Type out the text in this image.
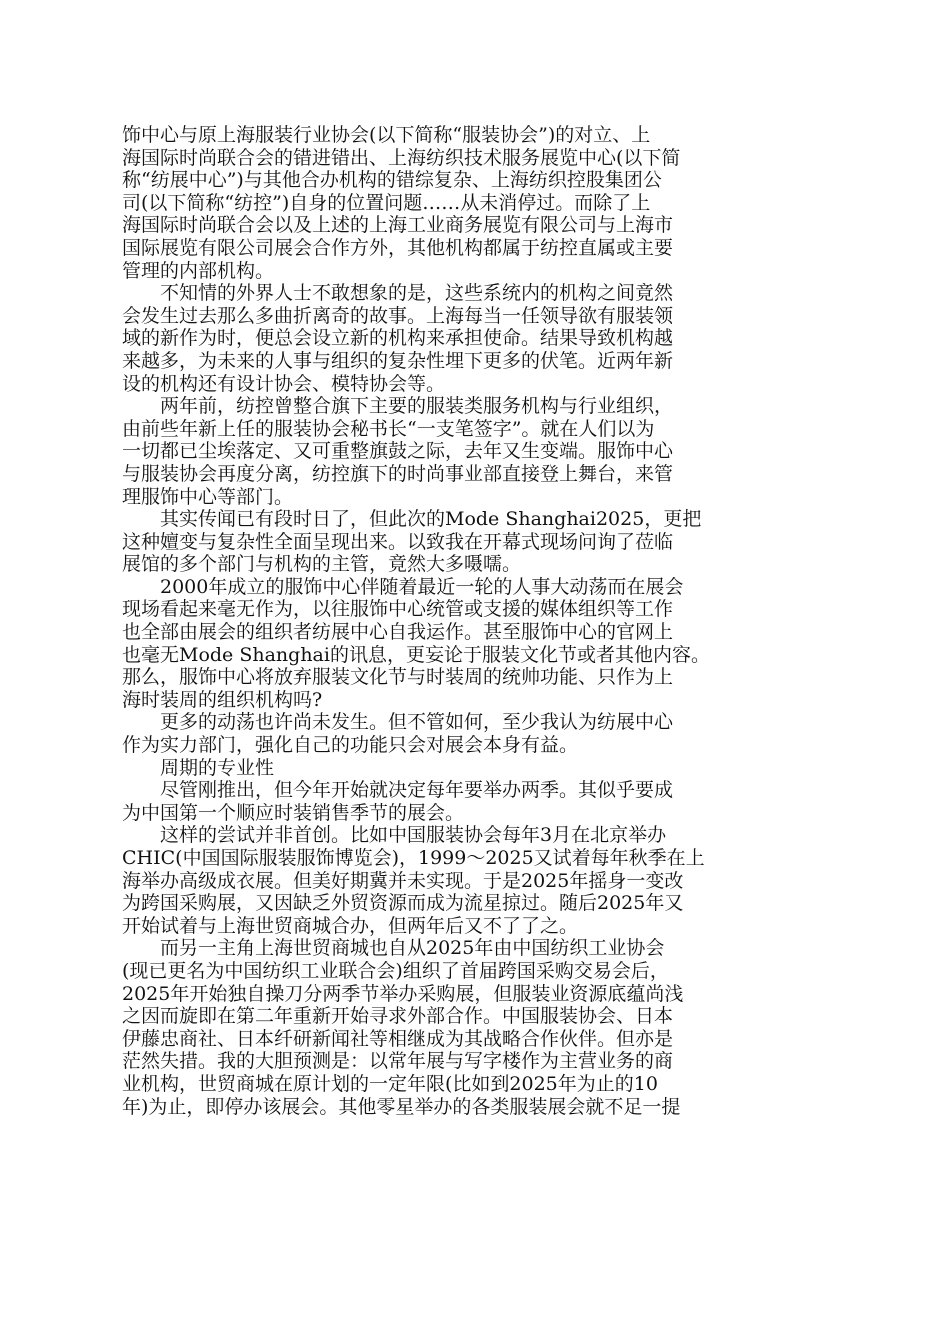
饰中心与原上海服装行业协会(以下简称“服装协会”)的对立、上
海国际时尚联合会的错进错出、上海纺织技术服务展览中心(以下简
称“纺展中心”)与其他合办机构的错综复杂、上海纺织控股集团公
司(以下简称“纺控”)自身的位置问题……从未消停过。而除了上
海国际时尚联合会以及上述的上海工业商务展览有限公司与上海市
国际展览有限公司展会合作方外，其他机构都属于纺控直属或主要
管理的内部机构。
　　不知情的外界人士不敢想象的是，这些系统内的机构之间竟然
会发生过去那么多曲折离奇的故事。上海每当一任领导欲有服装领
域的新作为时，便总会设立新的机构来承担使命。结果导致机构越
来越多，为未来的人事与组织的复杂性埋下更多的伏笔。近两年新
设的机构还有设计协会、模特协会等。
　　两年前，纺控曾整合旗下主要的服装类服务机构与行业组织，
由前些年新上任的服装协会秘书长“一支笔签字”。就在人们以为
一切都已尘埃落定、又可重整旗鼓之际，去年又生变端。服饰中心
与服装协会再度分离，纺控旗下的时尚事业部直接登上舞台，来管
理服饰中心等部门。
　　其实传闻已有段时日了，但此次的Mode Shanghai2025，更把
这种嬗变与复杂性全面呈现出来。以致我在开幕式现场问询了莅临
展馆的多个部门与机构的主管，竟然大多嗫嚅。
　　2000年成立的服饰中心伴随着最近一轮的人事大动荡而在展会
现场看起来毫无作为，以往服饰中心统管或支援的媒体组织等工作
也全部由展会的组织者纺展中心自我运作。甚至服饰中心的官网上
也毫无Mode Shanghai的讯息，更妄论于服装文化节或者其他内容。
那么，服饰中心将放弃服装文化节与时装周的统帅功能、只作为上
海时装周的组织机构吗?
　　更多的动荡也许尚未发生。但不管如何，至少我认为纺展中心
作为实力部门，强化自己的功能只会对展会本身有益。
　　周期的专业性
　　尽管刚推出，但今年开始就决定每年要举办两季。其似乎要成
为中国第一个顺应时装销售季节的展会。
　　这样的尝试并非首创。比如中国服装协会每年3月在北京举办
CHIC(中国国际服装服饰博览会)，1999～2025又试着每年秋季在上
海举办高级成衣展。但美好期冀并未实现。于是2025年摇身一变改
为跨国采购展，又因缺乏外贸资源而成为流星掠过。随后2025年又
开始试着与上海世贸商城合办，但两年后又不了了之。
　　而另一主角上海世贸商城也自从2025年由中国纺织工业协会
(现已更名为中国纺织工业联合会)组织了首届跨国采购交易会后，
2025年开始独自操刀分两季节举办采购展，但服装业资源底蕴尚浅
之因而旋即在第二年重新开始寻求外部合作。中国服装协会、日本
伊藤忠商社、日本纤研新闻社等相继成为其战略合作伙伴。但亦是
茫然失措。我的大胆预测是：以常年展与写字楼作为主营业务的商
业机构，世贸商城在原计划的一定年限(比如到2025年为止的10
年)为止，即停办该展会。其他零星举办的各类服装展会就不足一提
